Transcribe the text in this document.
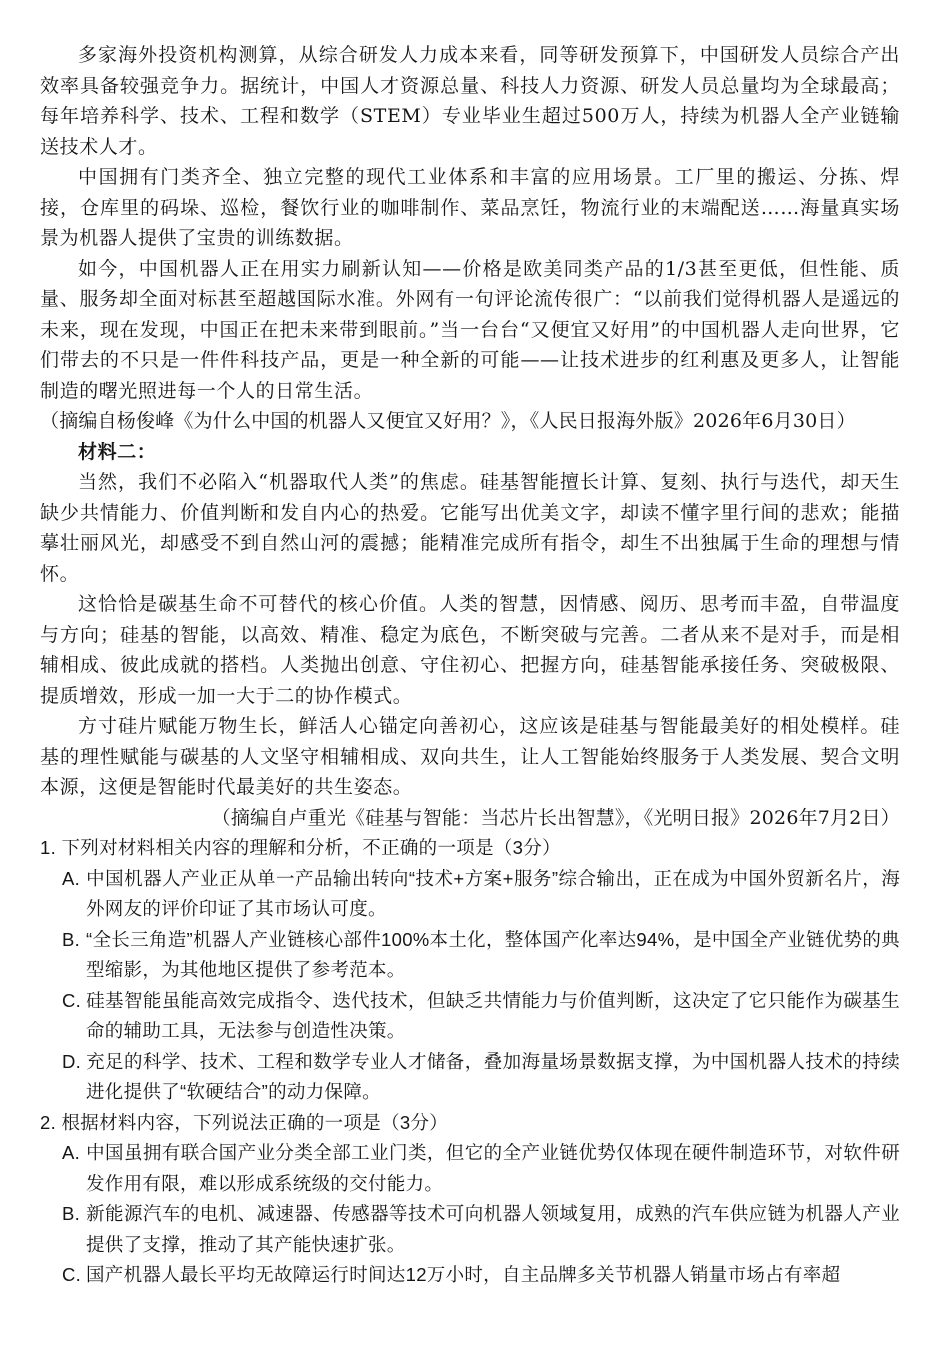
多家海外投资机构测算，从综合研发人力成本来看，同等研发预算下，中国研发人员综合产出效率具备较强竞争力。据统计，中国人才资源总量、科技人力资源、研发人员总量均为全球最高；每年培养科学、技术、工程和数学（STEM）专业毕业生超过500万人，持续为机器人全产业链输送技术人才。

中国拥有门类齐全、独立完整的现代工业体系和丰富的应用场景。工厂里的搬运、分拣、焊接，仓库里的码垛、巡检，餐饮行业的咖啡制作、菜品烹饪，物流行业的末端配送……海量真实场景为机器人提供了宝贵的训练数据。

如今，中国机器人正在用实力刷新认知——价格是欧美同类产品的1/3甚至更低，但性能、质量、服务却全面对标甚至超越国际水准。外网有一句评论流传很广：“以前我们觉得机器人是遥远的未来，现在发现，中国正在把未来带到眼前。”当一台台“又便宜又好用”的中国机器人走向世界，它们带去的不只是一件件科技产品，更是一种全新的可能——让技术进步的红利惠及更多人，让智能制造的曙光照进每一个人的日常生活。

（摘编自杨俊峰《为什么中国的机器人又便宜又好用？》，《人民日报海外版》2026年6月30日）

材料二：

当然，我们不必陷入“机器取代人类”的焦虑。硅基智能擅长计算、复刻、执行与迭代，却天生缺少共情能力、价值判断和发自内心的热爱。它能写出优美文字，却读不懂字里行间的悲欢；能描摹壮丽风光，却感受不到自然山河的震撼；能精准完成所有指令，却生不出独属于生命的理想与情怀。

这恰恰是碳基生命不可替代的核心价值。人类的智慧，因情感、阅历、思考而丰盈，自带温度与方向；硅基的智能，以高效、精准、稳定为底色，不断突破与完善。二者从来不是对手，而是相辅相成、彼此成就的搭档。人类抛出创意、守住初心、把握方向，硅基智能承接任务、突破极限、提质增效，形成一加一大于二的协作模式。

方寸硅片赋能万物生长，鲜活人心锚定向善初心，这应该是硅基与智能最美好的相处模样。硅基的理性赋能与碳基的人文坚守相辅相成、双向共生，让人工智能始终服务于人类发展、契合文明本源，这便是智能时代最美好的共生姿态。

（摘编自卢重光《硅基与智能：当芯片长出智慧》，《光明日报》2026年7月2日）

1. 下列对材料相关内容的理解和分析，不正确的一项是（3分）

A. 中国机器人产业正从单一产品输出转向“技术+方案+服务”综合输出，正在成为中国外贸新名片，海外网友的评价印证了其市场认可度。

B. “全长三角造”机器人产业链核心部件100%本土化，整体国产化率达94%，是中国全产业链优势的典型缩影，为其他地区提供了参考范本。

C. 硅基智能虽能高效完成指令、迭代技术，但缺乏共情能力与价值判断，这决定了它只能作为碳基生命的辅助工具，无法参与创造性决策。

D. 充足的科学、技术、工程和数学专业人才储备，叠加海量场景数据支撑，为中国机器人技术的持续进化提供了“软硬结合”的动力保障。

2. 根据材料内容，下列说法正确的一项是（3分）

A. 中国虽拥有联合国产业分类全部工业门类，但它的全产业链优势仅体现在硬件制造环节，对软件研发作用有限，难以形成系统级的交付能力。

B. 新能源汽车的电机、减速器、传感器等技术可向机器人领域复用，成熟的汽车供应链为机器人产业提供了支撑，推动了其产能快速扩张。

C. 国产机器人最长平均无故障运行时间达12万小时，自主品牌多关节机器人销量市场占有率超
